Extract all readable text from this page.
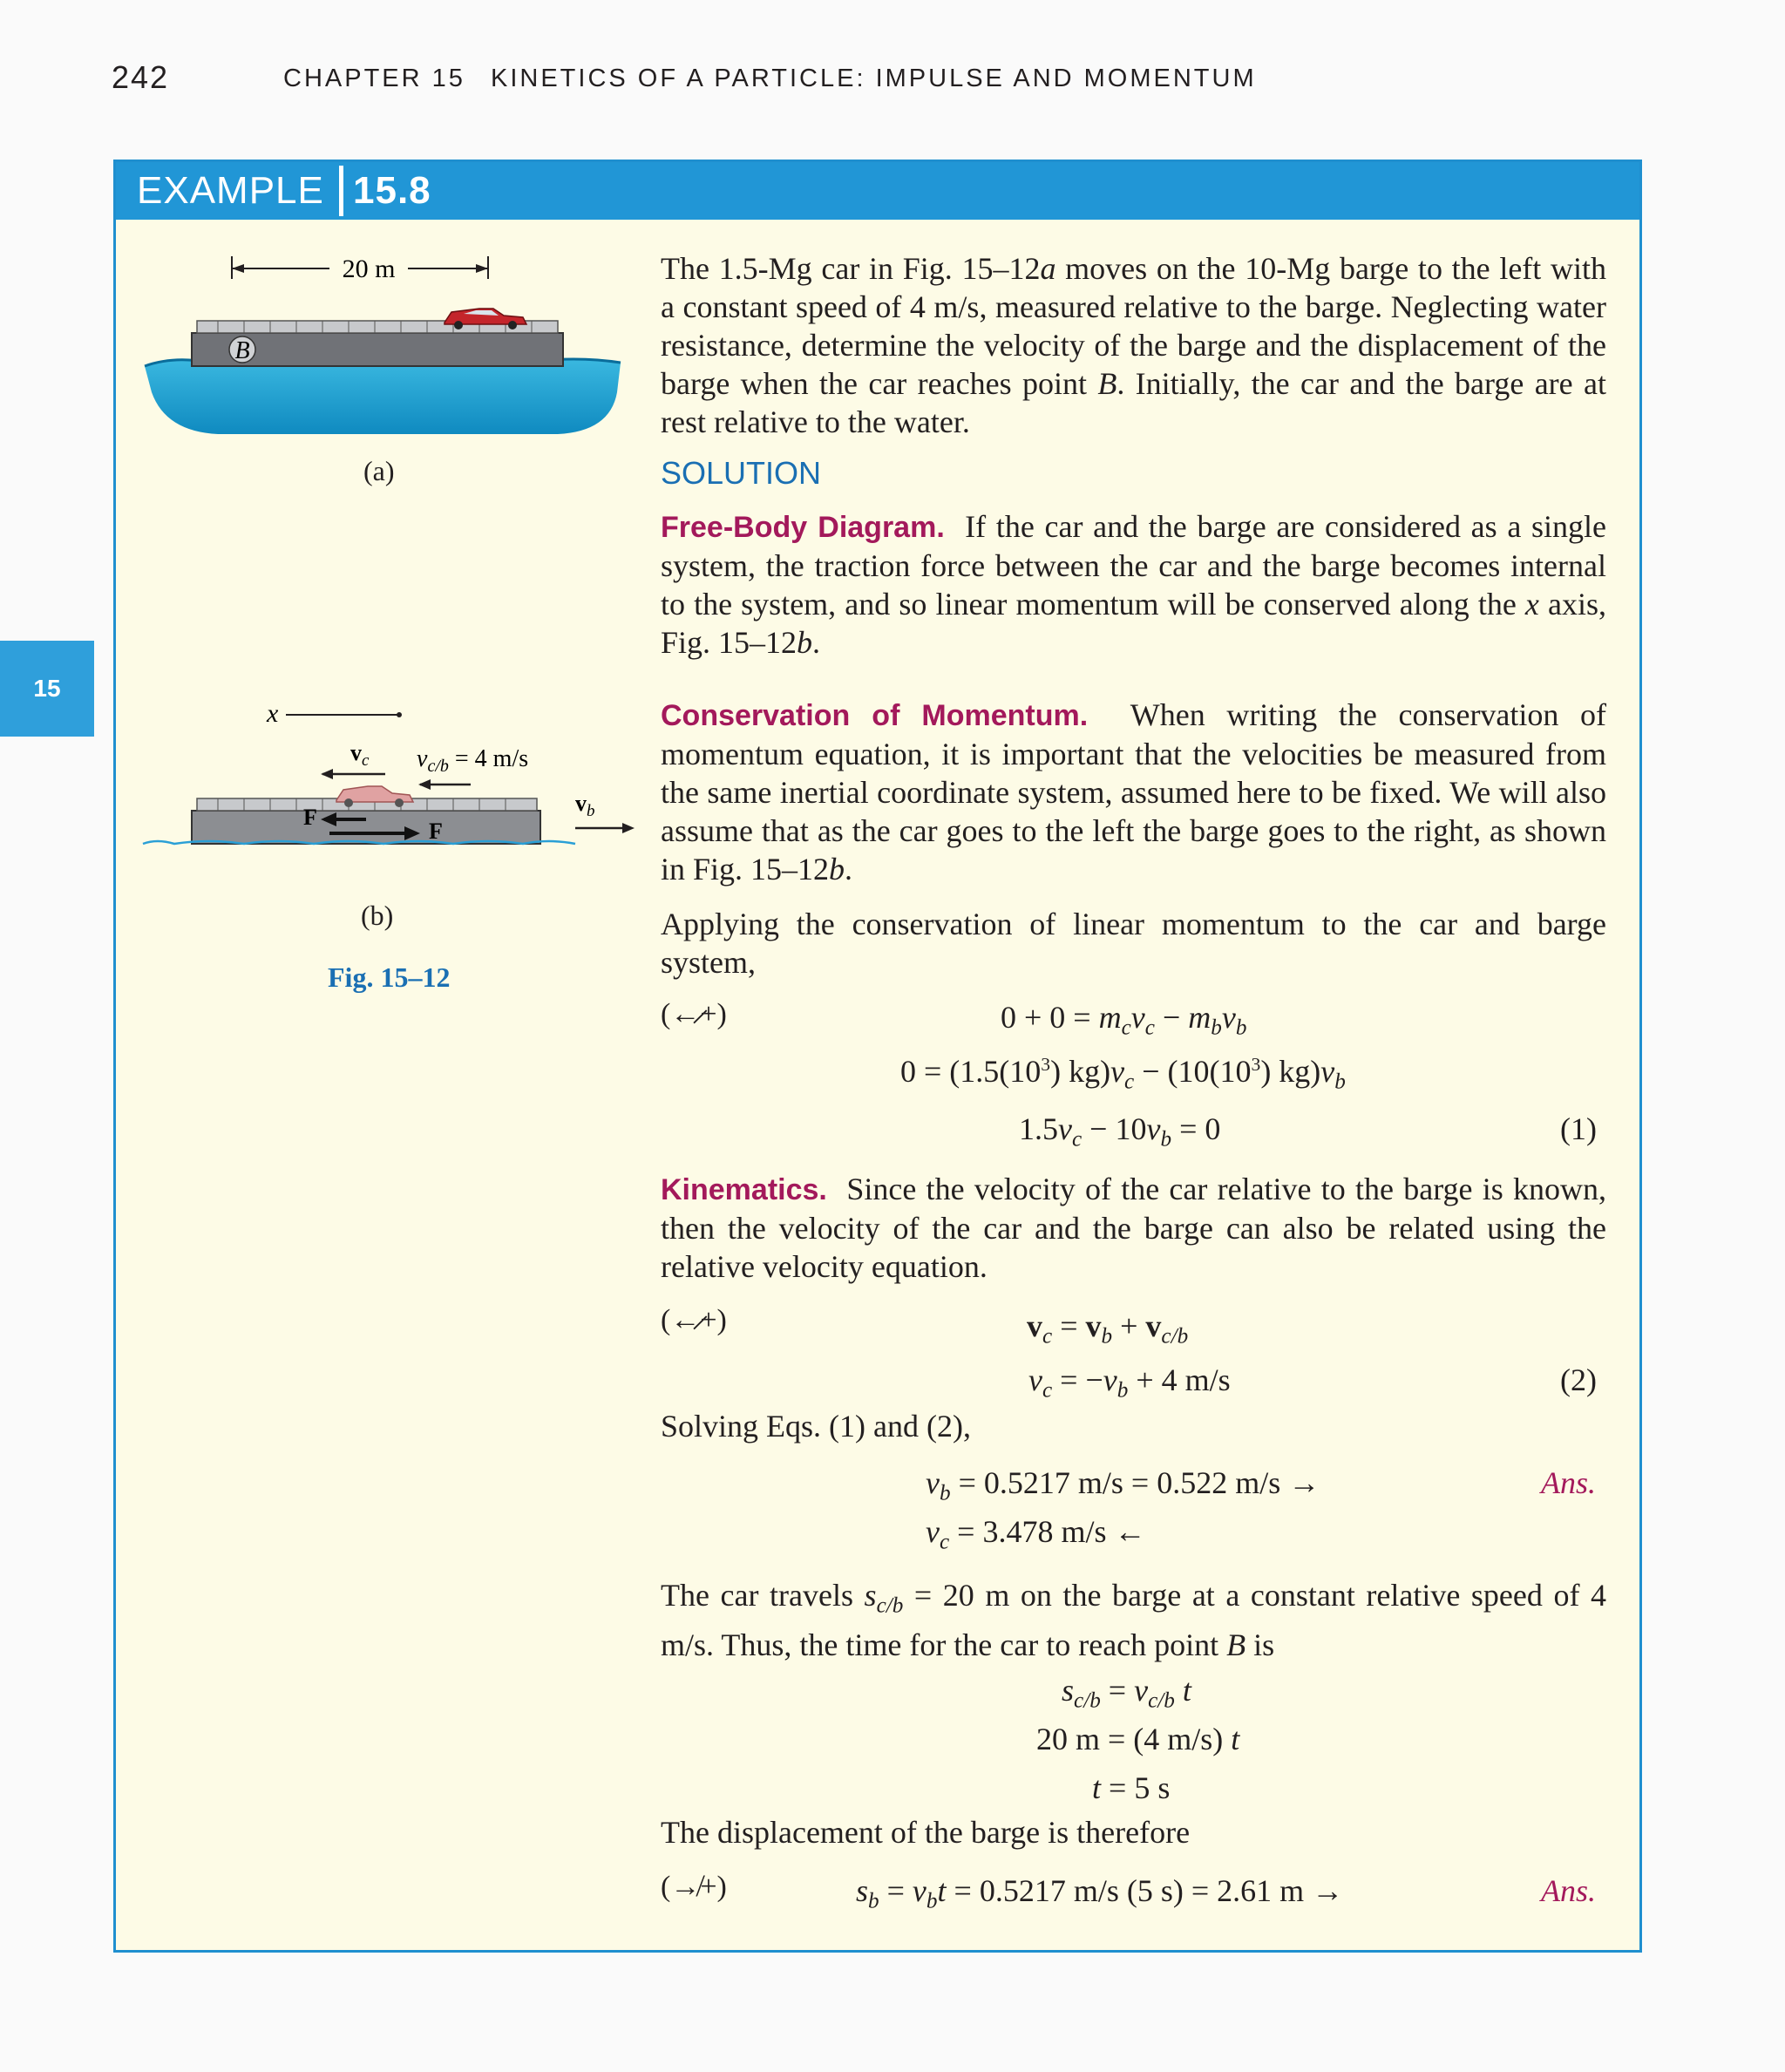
242	CHAPTER 15 KINETICS OF A PARTICLE: IMPULSE AND MOMENTUM
15
EXAMPLE 15.8
20 m
B
(a)
x
$v_c$ $v_{c/b} = 4$ m/s
F
F
$v_b$
(b)
Fig. 15–12
The 1.5-Mg car in Fig. 15–12a moves on the 10-Mg barge to the left with a constant speed of 4 m/s, measured relative to the barge. Neglecting water resistance, determine the velocity of the barge and the displacement of the barge when the car reaches point B. Initially, the car and the barge are at rest relative to the water.
SOLUTION
Free-Body Diagram. If the car and the barge are considered as a single system, the traction force between the car and the barge becomes internal to the system, and so linear momentum will be conserved along the x axis, Fig. 15–12b.
Conservation of Momentum. When writing the conservation of momentum equation, it is important that the velocities be measured from the same inertial coordinate system, assumed here to be fixed. We will also assume that as the car goes to the left the barge goes to the right, as shown in Fig. 15–12b.
Applying the conservation of linear momentum to the car and barge system,
(←̷+)	$0 + 0 = m_cv_c - m_bv_b$
$0 = (1.5(10^3) kg)v_c - (10(10^3)$ $kg)v_b$
$1.5v_c - 10v_b = 0$	(1)
Kinematics. Since the velocity of the car relative to the barge is known, then the velocity of the car and the barge can also be related using the relative velocity equation.
(←̷+)	$v_c = v_b + v_{c/b}$
$v_c = -v_b + 4$ m/s	(2)
Solving Eqs. (1) and (2),
$v_b = 0.5217$ m/s = 0.522 m/s →	Ans.
$v_c = 3.478$ m/s ←
The car travels $s_{c/b} = 20$ m on the barge at a constant relative speed of 4 m/s. Thus, the time for the car to reach point B is
$s_{c/b} = v_{c/b}$ t
20 m = (4 m/s) t
t = 5 s
The displacement of the barge is therefore
(↛+)	$s_b = v_bt = 0.5217$ m/s (5 s) = 2.61 m →	Ans.
